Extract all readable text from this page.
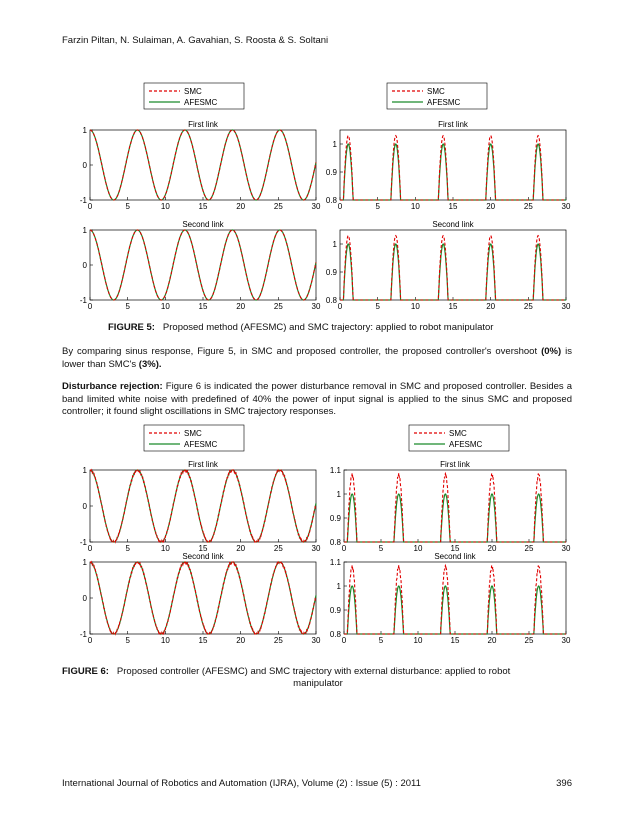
Farzin Piltan, N. Sulaiman, A. Gavahian, S. Roosta & S. Soltani
SMC
AFESMC
SMC
AFESMC
First link
0	5	10	15	20	25	30
-1
0
1
Second link
0	5	10	15	20	25	30
-1
0
1
First link
0	5	10	15	20	25	30
0.8
0.9
1
Second link
0	5	10	15	20	25	30
0.8
0.9
1
FIGURE 5: Proposed method (AFESMC) and SMC trajectory: applied to robot manipulator
By comparing sinus response, Figure 5, in SMC and proposed controller, the proposed controller's overshoot (0%) is lower than SMC's (3%).
Disturbance rejection: Figure 6 is indicated the power disturbance removal in SMC and proposed controller. Besides a band limited white noise with predefined of 40% the power of input signal is applied to the sinus SMC and proposed controller; it found slight oscillations in SMC trajectory responses.
SMC
AFESMC
SMC
AFESMC
First link
0	5	10	15	20	25	30
-1
0
1
Second link
0	5	10	15	20	25	30
-1
0
1
First link
0	5	10	15	20	25	30
0.8
0.9
1
1.1
Second link
0	5	10	15	20	25	30
0.8
0.9
1
1.1
FIGURE 6: Proposed controller (AFESMC) and SMC trajectory with external disturbance: applied to robot
manipulator
International Journal of Robotics and Automation (IJRA), Volume (2) : Issue (5) : 2011	396
